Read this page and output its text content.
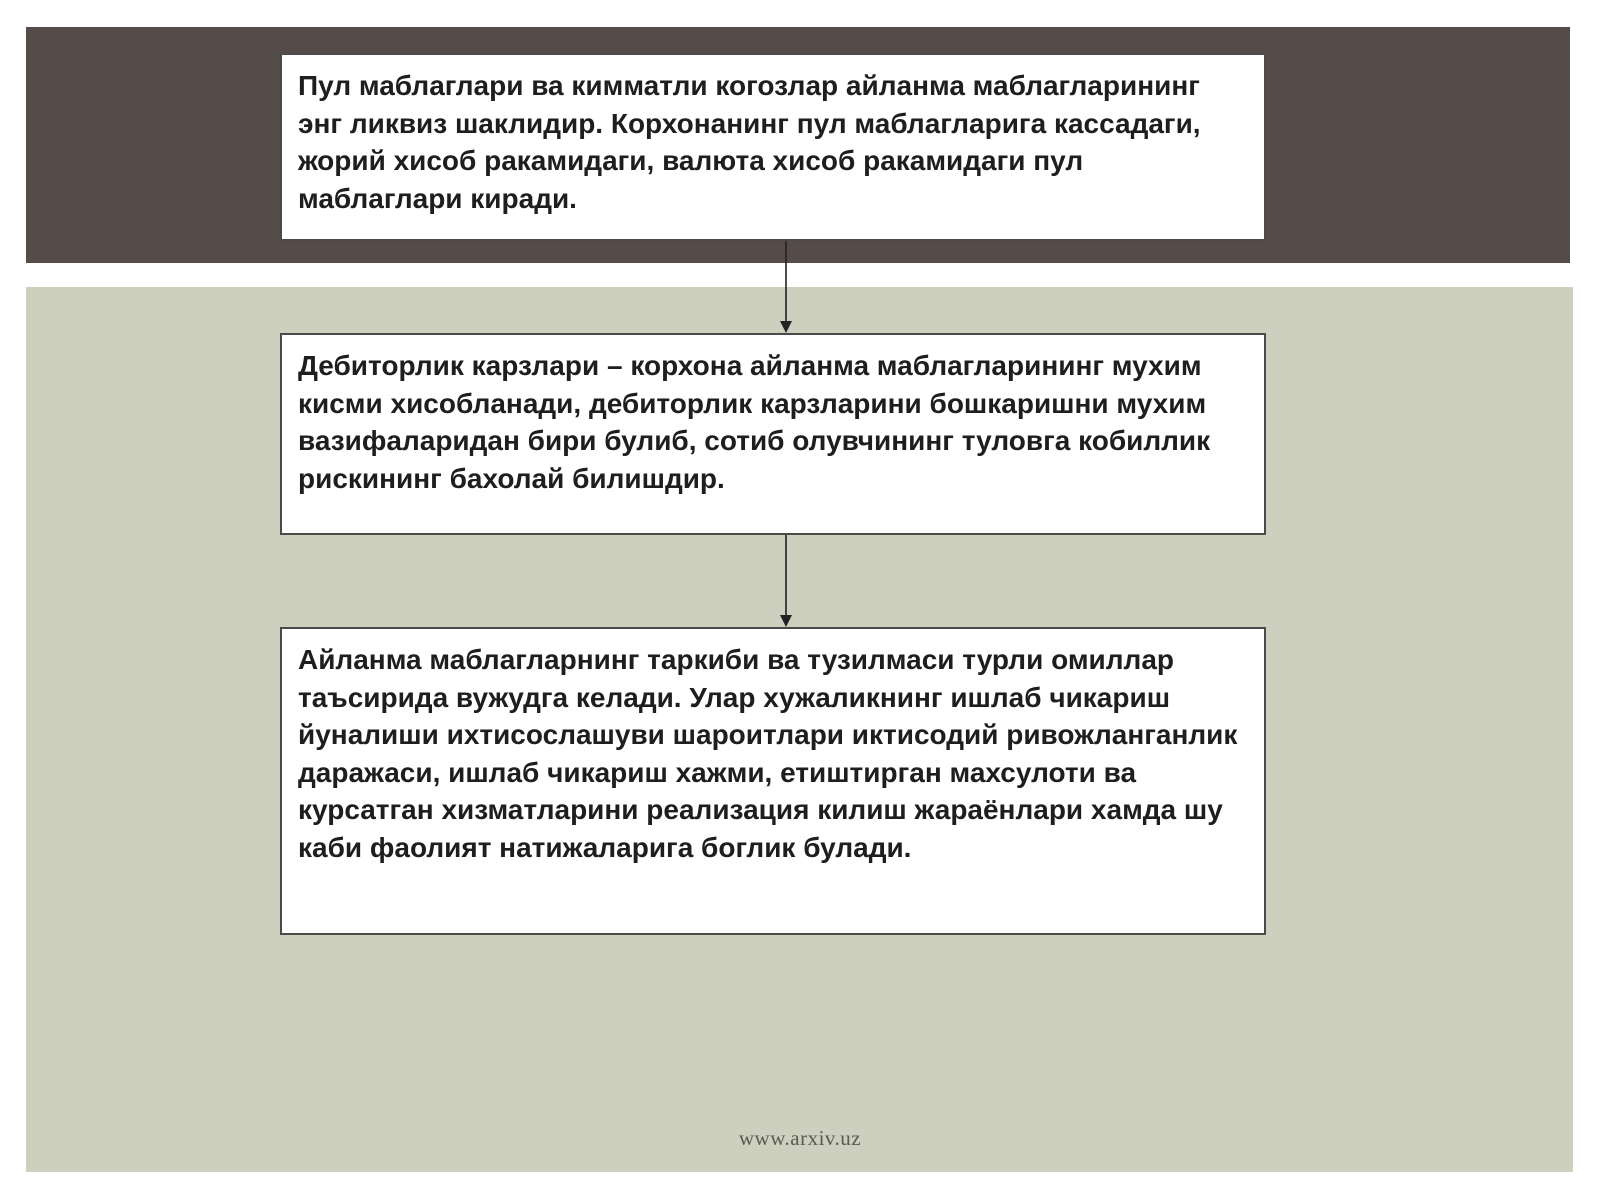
Пул маблаглари ва кимматли когозлар айланма маблагларининг энг ликвиз шаклидир. Корхонанинг пул маблагларига кассадаги, жорий хисоб ракамидаги, валюта хисоб ракамидаги пул маблаглари киради.

Дебиторлик карзлари – корхона айланма маблагларининг мухим кисми хисобланади, дебиторлик карзларини бошкаришни мухим вазифаларидан бири булиб, сотиб олувчининг туловга кобиллик рискининг бахолай билишдир.

Айланма маблагларнинг таркиби ва тузилмаси турли омиллар таъсирида вужудга келади. Улар хужаликнинг ишлаб чикариш йуналиши ихтисослашуви шароитлари иктисодий ривожланганлик даражаси, ишлаб чикариш хажми, етиштирган махсулоти ва курсатган хизматларини реализация килиш жараёнлари хамда шу каби фаолият натижаларига боглик булади.

www.arxiv.uz
